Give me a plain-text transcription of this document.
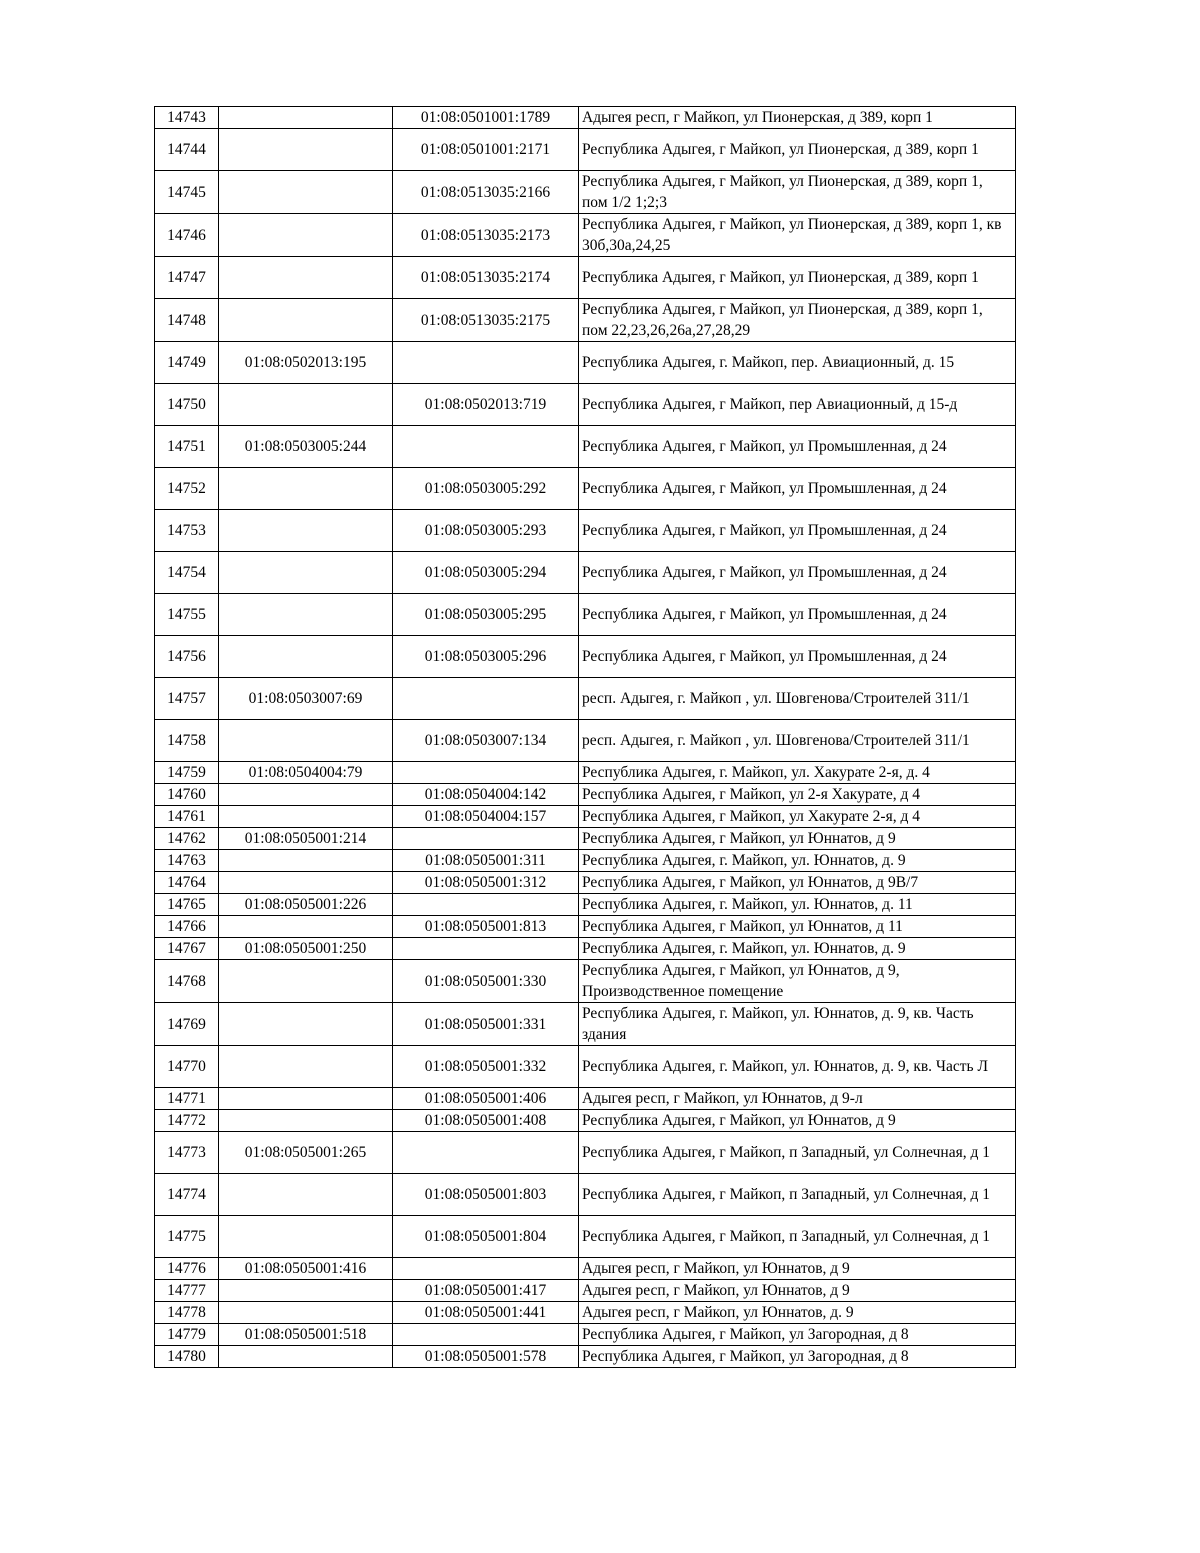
14743		01:08:0501001:1789	Адыгея респ, г Майкоп, ул Пионерская, д 389, корп 1
14744		01:08:0501001:2171	Республика Адыгея, г Майкоп, ул Пионерская, д 389, корп 1
14745		01:08:0513035:2166	Республика Адыгея, г Майкоп, ул Пионерская, д 389, корп 1, пом 1/2 1;2;3
14746		01:08:0513035:2173	Республика Адыгея, г Майкоп, ул Пионерская, д 389, корп 1, кв 30б,30а,24,25
14747		01:08:0513035:2174	Республика Адыгея, г Майкоп, ул Пионерская, д 389, корп 1
14748		01:08:0513035:2175	Республика Адыгея, г Майкоп, ул Пионерская, д 389, корп 1, пом 22,23,26,26а,27,28,29
14749	01:08:0502013:195		Республика Адыгея, г. Майкоп, пер. Авиационный, д. 15
14750		01:08:0502013:719	Республика Адыгея, г Майкоп, пер Авиационный, д 15-д
14751	01:08:0503005:244		Республика Адыгея, г Майкоп, ул Промышленная, д 24
14752		01:08:0503005:292	Республика Адыгея, г Майкоп, ул Промышленная, д 24
14753		01:08:0503005:293	Республика Адыгея, г Майкоп, ул Промышленная, д 24
14754		01:08:0503005:294	Республика Адыгея, г Майкоп, ул Промышленная, д 24
14755		01:08:0503005:295	Республика Адыгея, г Майкоп, ул Промышленная, д 24
14756		01:08:0503005:296	Республика Адыгея, г Майкоп, ул Промышленная, д 24
14757	01:08:0503007:69		респ. Адыгея, г. Майкоп , ул. Шовгенова/Строителей 311/1
14758		01:08:0503007:134	респ. Адыгея, г. Майкоп , ул. Шовгенова/Строителей 311/1
14759	01:08:0504004:79		Республика Адыгея, г. Майкоп, ул. Хакурате 2-я, д. 4
14760		01:08:0504004:142	Республика Адыгея, г Майкоп, ул 2-я Хакурате, д 4
14761		01:08:0504004:157	Республика Адыгея, г Майкоп, ул Хакурате 2-я, д 4
14762	01:08:0505001:214		Республика Адыгея, г Майкоп, ул Юннатов, д 9
14763		01:08:0505001:311	Республика Адыгея, г. Майкоп, ул. Юннатов, д. 9
14764		01:08:0505001:312	Республика Адыгея, г Майкоп, ул Юннатов, д 9В/7
14765	01:08:0505001:226		Республика Адыгея, г. Майкоп, ул. Юннатов, д. 11
14766		01:08:0505001:813	Республика Адыгея, г Майкоп, ул Юннатов, д 11
14767	01:08:0505001:250		Республика Адыгея, г. Майкоп, ул. Юннатов, д. 9
14768		01:08:0505001:330	Республика Адыгея, г Майкоп, ул Юннатов, д 9, Производственное помещение
14769		01:08:0505001:331	Республика Адыгея, г. Майкоп, ул. Юннатов, д. 9, кв. Часть здания
14770		01:08:0505001:332	Республика Адыгея, г. Майкоп, ул. Юннатов, д. 9, кв. Часть Л
14771		01:08:0505001:406	Адыгея респ, г Майкоп, ул Юннатов, д 9-л
14772		01:08:0505001:408	Республика Адыгея, г Майкоп, ул Юннатов, д 9
14773	01:08:0505001:265		Республика Адыгея, г Майкоп, п Западный, ул Солнечная, д 1
14774		01:08:0505001:803	Республика Адыгея, г Майкоп, п Западный, ул Солнечная, д 1
14775		01:08:0505001:804	Республика Адыгея, г Майкоп, п Западный, ул Солнечная, д 1
14776	01:08:0505001:416		Адыгея респ, г Майкоп, ул Юннатов, д 9
14777		01:08:0505001:417	Адыгея респ, г Майкоп, ул Юннатов, д 9
14778		01:08:0505001:441	Адыгея респ, г Майкоп, ул Юннатов, д. 9
14779	01:08:0505001:518		Республика Адыгея, г Майкоп, ул Загородная, д 8
14780		01:08:0505001:578	Республика Адыгея, г Майкоп, ул Загородная, д 8
